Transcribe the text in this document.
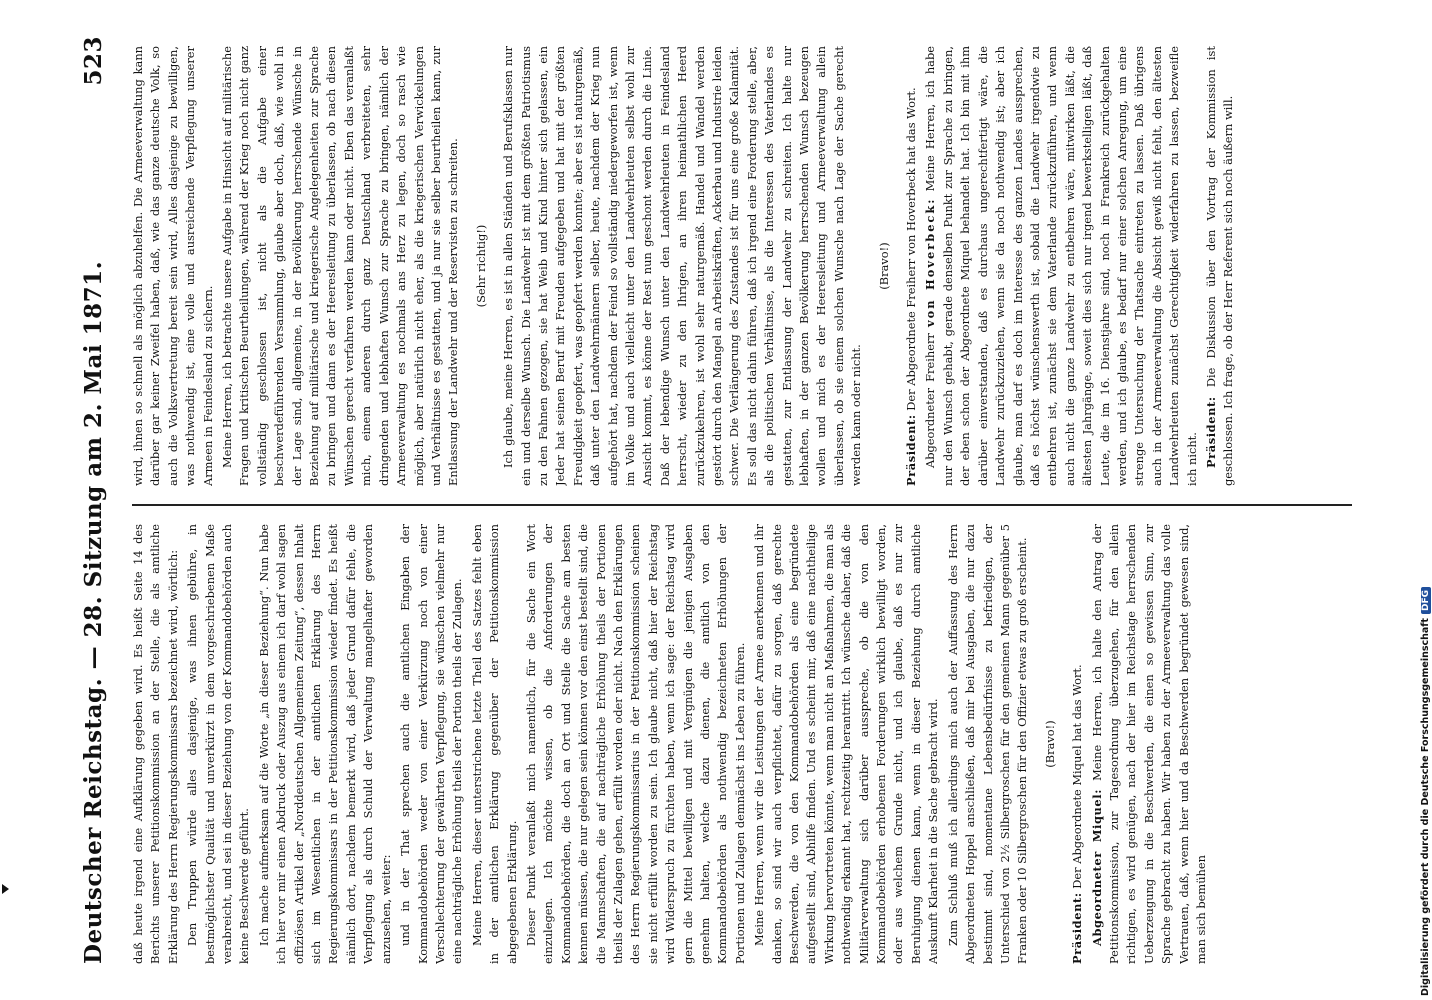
Deutscher Reichstag. — 28. Sitzung am 2. Mai 1871.
523

daß heute irgend eine Aufklärung gegeben wird. Es heißt Seite 14 des Berichts unserer Petitionskommission an der Stelle, die als amtliche Erklärung des Herrn Regierungskommissars bezeichnet wird, wörtlich: Den Truppen würde alles dasjenige, was ihnen gebühre, in bestmöglichster Qualität und unverkürzt in dem vorgeschriebenen Maße verabreicht, und sei in dieser Beziehung von der Kommandobehörden auch keine Beschwerde geführt. Ich mache aufmerksam auf die Worte „in dieser Beziehung“. Nun habe ich hier vor mir einen Abdruck oder Auszug aus einem ich darf wohl sagen offiziösen Artikel der „Norddeutschen Allgemeinen Zeitung“, dessen Inhalt sich im Wesentlichen in der amtlichen Erklärung des Herrn Regierungskommissars in der Petitionskommission wieder findet. Es heißt nämlich dort, nachdem bemerkt wird, daß jeder Grund dafür fehle, die Verpflegung als durch Schuld der Verwaltung mangelhafter geworden anzusehen, weiter: und in der That sprechen auch die amtlichen Eingaben der Kommandobehörden weder von einer Verkürzung noch von einer Verschlechterung der gewährten Verpflegung, sie wünschen vielmehr nur eine nachträgliche Erhöhung theils der Portion theils der Zulagen. Meine Herren, dieser unterstrichene letzte Theil des Satzes fehlt eben in der amtlichen Erklärung gegenüber der Petitionskommission abgegebenen Erklärung. Dieser Punkt veranlaßt mich namentlich, für die Sache ein Wort einzulegen. Ich möchte wissen, ob die Anforderungen der Kommandobehörden, die doch an Ort und Stelle die Sache am besten kennen müssen, die nur gelegen sein können vor den einst bestellt sind, die die Mannschaften, die auf nachträgliche Erhöhung theils der Portionen theils der Zulagen gehen, erfüllt worden oder nicht. Nach den Erklärungen des Herrn Regierungskommissarius in der Petitionskommission scheinen sie nicht erfüllt worden zu sein. Ich glaube nicht, daß hier der Reichstag wird Widerspruch zu fürchten haben, wenn ich sage: der Reichstag wird gern die Mittel bewilligen und mit Vergnügen die jenigen Ausgaben genehm halten, welche dazu dienen, die amtlich von den Kommandobehörden als nothwendig bezeichneten Erhöhungen der Portionen und Zulagen demnächst ins Leben zu führen. Meine Herren, wenn wir die Leistungen der Armee anerkennen und ihr danken, so sind wir auch verpflichtet, dafür zu sorgen, daß gerechte Beschwerden, die von den Kommandobehörden als eine begründete aufgestellt sind, Abhilfe finden. Und es scheint mir, daß eine nachtheilige Wirkung hervortreten könnte, wenn man nicht an Maßnahmen, die man als nothwendig erkannt hat, rechtzeitig herantritt. Ich wünsche daher, daß die Militärverwaltung sich darüber ausspreche, ob die von den Kommandobehörden erhobenen Forderungen wirklich bewilligt worden, oder aus welchem Grunde nicht, und ich glaube, daß es nur zur Beruhigung dienen kann, wenn in dieser Beziehung durch amtliche Auskunft Klarheit in die Sache gebracht wird. Zum Schluß muß ich allerdings mich auch der Auffassung des Herrn Abgeordneten Hoppel anschließen, daß mir bei Ausgaben, die nur dazu bestimmt sind, momentane Lebensbedürfnisse zu befriedigen, der Unterschied von 2½ Silbergroschen für den gemeinen Mann gegenüber 5 Franken oder 10 Silbergroschen für den Offizier etwas zu groß erscheint. (Bravo!)

Präsident: Der Abgeordnete Miquel hat das Wort. Abgeordneter Miquel: Meine Herren, ich halte den Antrag der Petitionskommission, zur Tagesordnung überzugehen, für den allein richtigen, es wird genügen, nach der hier im Reichstage herrschenden Ueberzeugung in die Beschwerden, die einen so gewissen Sinn, zur Sprache gebracht zu haben. Wir haben zu der Armeeverwaltung das volle Vertrauen, daß, wenn hier und da Beschwerden begründet gewesen sind, man sich bemühen

wird, ihnen so schnell als möglich abzuhelfen. Die Armeeverwaltung kann darüber gar keiner Zweifel haben, daß, wie das ganze deutsche Volk, so auch die Volksvertretung bereit sein wird, Alles dasjenige zu bewilligen, was nothwendig ist, eine volle und ausreichende Verpflegung unserer Armeen in Feindesland zu sichern. Meine Herren, ich betrachte unsere Aufgabe in Hinsicht auf militärische Fragen und kritischen Beurtheilungen, während der Krieg noch nicht ganz vollständig geschlossen ist, nicht als die Aufgabe einer beschwerdeführenden Versammlung, glaube aber doch, daß, wie wohl in der Lage sind, allgemeine, in der Bevölkerung herrschende Wünsche in Beziehung auf militärische und kriegerische Angelegenheiten zur Sprache zu bringen und dann es der Heeresleitung zu überlassen, ob nach diesen Wünschen gerecht verfahren werden kann oder nicht. Eben das veranlaßt mich, einem anderen durch ganz Deutschland verbreiteten, sehr dringenden und lebhaften Wunsch zur Sprache zu bringen, nämlich der Armeeverwaltung es nochmals ans Herz zu legen, doch so rasch wie möglich, aber natürlich nicht eher, als die kriegerischen Verwickelungen und Verhältnisse es gestatten, und ja nur sie selber beurtheilen kann, zur Entlassung der Landwehr und der Reservisten zu schreiten. (Sehr richtig!) Ich glaube, meine Herren, es ist in allen Ständen und Berufsklassen nur ein und derselbe Wunsch. Die Landwehr ist mit dem größten Patriotismus zu den Fahnen gezogen, sie hat Weib und Kind hinter sich gelassen, ein Jeder hat seinen Beruf mit Freuden aufgegeben und hat mit der größten Freudigkeit geopfert, was geopfert werden konnte; aber es ist naturgemäß, daß unter den Landwehrmännern selber, heute, nachdem der Krieg nun aufgehört hat, nachdem der Feind so vollständig niedergeworfen ist, wenn im Volke und auch vielleicht unter den Landwehrleuten selbst wohl zur Ansicht kommt, es könne der Rest nun geschont werden durch die Linie. Daß der lebendige Wunsch unter den Landwehrleuten in Feindesland herrscht, wieder zu den Ihrigen, an ihren heimathlichen Heerd zurückzukehren, ist wohl sehr naturgemäß. Handel und Wandel werden gestört durch den Mangel an Arbeitskräften, Ackerbau und Industrie leiden schwer. Die Verlängerung des Zustandes ist für uns eine große Kalamität. Es soll das nicht dahin führen, daß ich irgend eine Forderung stelle, aber, als die politischen Verhältnisse, als die Interessen des Vaterlandes es gestatten, zur Entlassung der Landwehr zu schreiten. Ich halte nur lebhaften, in der ganzen Bevölkerung herrschenden Wunsch bezeugen wollen und mich es der Heeresleitung und Armeeverwaltung allein überlassen, ob sie einem solchen Wunsche nach Lage der Sache gerecht werden kann oder nicht.

(Bravo!)

Präsident: Der Abgeordnete Freiherr von Hoverbeck hat das Wort. Abgeordneter Freiherr von Hoverbeck: Meine Herren, ich habe nur den Wunsch gehabt, gerade denselben Punkt zur Sprache zu bringen, der eben schon der Abgeordnete Miquel behandelt hat. Ich bin mit ihm darüber einverstanden, daß es durchaus ungerechtfertigt wäre, die Landwehr zurückzuziehen, wenn sie da noch nothwendig ist; aber ich glaube, man darf es doch im Interesse des ganzen Landes aussprechen, daß es höchst wünschenswerth ist, sobald die Landwehr irgendwie zu entbehren ist, zunächst sie dem Vaterlande zurückzuführen, und wenn auch nicht die ganze Landwehr zu entbehren wäre, mitwirken läßt, die ältesten Jahrgänge, soweit dies sich nur irgend bewerkstelligen läßt, daß Leute, die im 16. Dienstjahre sind, noch in Frankreich zurückgehalten werden, und ich glaube, es bedarf nur einer solchen Anregung, um eine strenge Untersuchung der Thatsache eintreten zu lassen. Daß übrigens auch in der Armeeverwaltung die Absicht gewiß nicht fehlt, den ältesten Landwehrleuten zunächst Gerechtigkeit widerfahren zu lassen, bezweifle ich nicht. Präsident: Die Diskussion über den Vortrag der Kommission ist geschlossen. Ich frage, ob der Herr Referent sich noch äußern will.

Digitalisierung gefördert durch die Deutsche ForschungsgemeinschaftDFG
